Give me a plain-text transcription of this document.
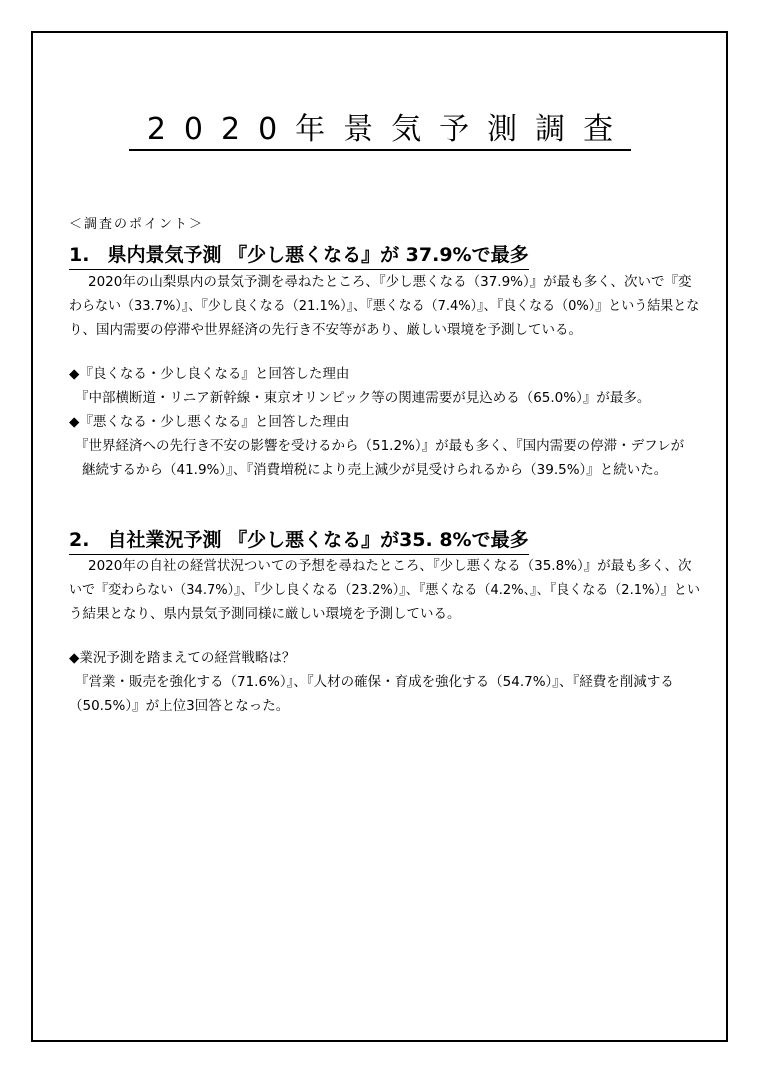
2020年景気予測調査
＜調査のポイント＞
1. 県内景気予測 『少し悪くなる』が 37.9%で最多
2020年の山梨県内の景気予測を尋ねたところ、『少し悪くなる（37.9%）』が最も多く、次いで『変
わらない（33.7%）』、『少し良くなる（21.1%）』、『悪くなる（7.4%）』、『良くなる（0%）』という結果とな
り、国内需要の停滞や世界経済の先行き不安等があり、厳しい環境を予測している。
◆『良くなる・少し良くなる』と回答した理由
『中部横断道・リニア新幹線・東京オリンピック等の関連需要が見込める（65.0%）』が最多。
◆『悪くなる・少し悪くなる』と回答した理由
『世界経済への先行き不安の影響を受けるから（51.2%）』が最も多く、『国内需要の停滞・デフレが
継続するから（41.9%）』、『消費増税により売上減少が見受けられるから（39.5%）』と続いた。
2. 自社業況予測 『少し悪くなる』が35. 8%で最多
2020年の自社の経営状況ついての予想を尋ねたところ、『少し悪くなる（35.8%）』が最も多く、次
いで『変わらない（34.7%）』、『少し良くなる（23.2%）』、『悪くなる（4.2%、』、『良くなる（2.1%）』とい
う結果となり、県内景気予測同様に厳しい環境を予測している。
◆業況予測を踏まえての経営戦略は？
『営業・販売を強化する（71.6%）』、『人材の確保・育成を強化する（54.7%）』、『経費を削減する
（50.5%）』が上位3回答となった。
